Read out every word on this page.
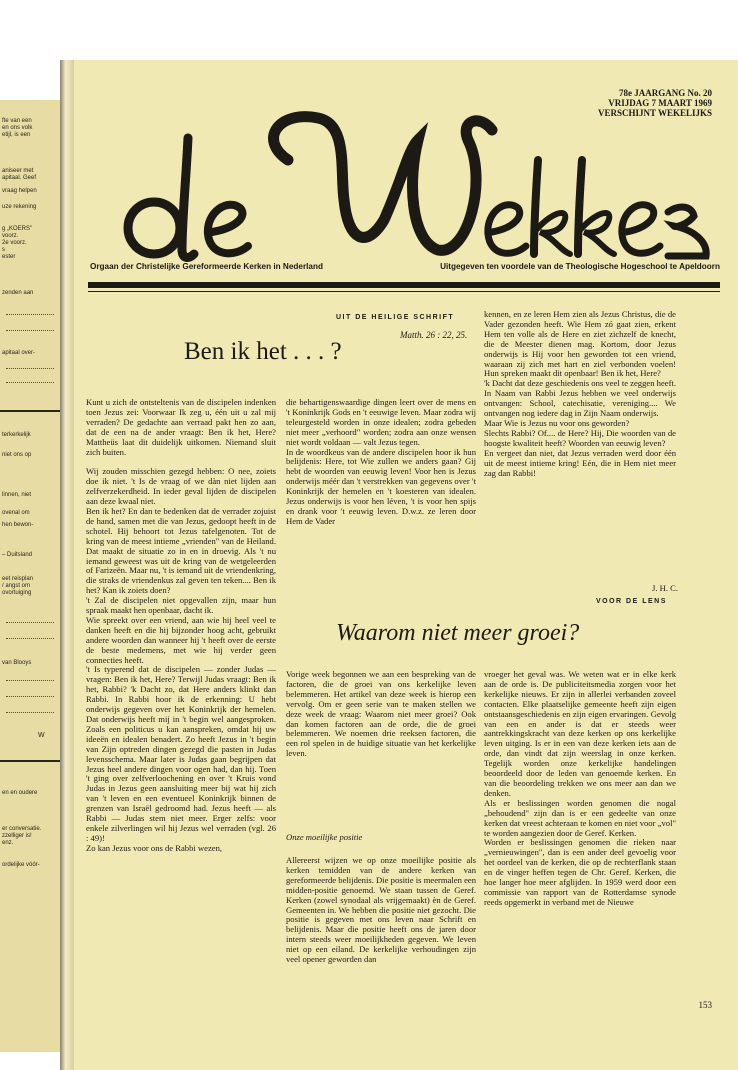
fte van een
en ons volk
etijl, is een
aniseer met
apitaal. Geef
vraag helpen
uze rekening
g „KOERS"
voorz.
2e voorz.
s
ester
zenden aan
apitaal over-
terkerkelijk
niet ons op
linnen, niet
ovenal om
hen bewon-
– Duitsland
eet reisplan
/ angst om
ovortuiging
van Blooys
W
en en oudere
er conversatie.
zzelliger is!
enz.
ordelijke vóór-
78e JAARGANG No. 20
VRIJDAG 7 MAART 1969
VERSCHIJNT WEKELIJKS
Orgaan der Christelijke Gereformeerde Kerken in Nederland	Uitgegeven ten voordele van de Theologische Hogeschool te Apeldoorn
UIT DE HEILIGE SCHRIFT
Matth. 26 : 22, 25.
Ben ik het . . . ?
Kunt u zich de ontsteltenis van de discipelen indenken toen Jezus zei: Voorwaar Ik zeg u, één uit u zal mij verraden? De gedachte aan verraad pakt hen zo aan, dat de een na de ander vraagt: Ben ik het, Here? Mattheüs laat dit duidelijk uitkomen. Niemand sluit zich buiten.

Wij zouden misschien gezegd hebben: O nee, zoiets doe ik niet. 't Is de vraag of we dàn niet lijden aan zelfverzekerdheid. In ieder geval lijden de discipelen aan deze kwaal niet.
Ben ik het? En dan te bedenken dat de verrader zojuist de hand, samen met die van Jezus, gedoopt heeft in de schotel. Hij behoort tot Jezus tafelgenoten. Tot de kring van de meest intieme „vrienden" van de Heiland. Dat maakt de situatie zo in en in droevig. Als 't nu iemand geweest was uit de kring van de wetgeleerden of Farizeën. Maar nu, 't is iemand uit de vriendenkring, die straks de vriendenkus zal geven ten teken.... Ben ik het? Kan ik zoiets doen?
't Zal de discipelen niet opgevallen zijn, maar hun spraak maakt hen openbaar, dacht ik.
Wie spreekt over een vriend, aan wie hij heel veel te danken heeft en die hij bijzonder hoog acht, gebruikt andere woorden dan wanneer hij 't heeft over de eerste de beste medemens, met wie hij verder geen connecties heeft.
't Is typerend dat de discipelen — zonder Judas — vragen: Ben ik het, Here? Terwijl Judas vraagt: Ben ik het, Rabbi? 'k Dacht zo, dat Here anders klinkt dan Rabbi. In Rabbi hoor ik de erkenning: U hebt onderwijs gegeven over het Koninkrijk der hemelen. Dat onderwijs heeft mij in 't begin wel aangesproken. Zoals een politicus u kan aanspreken, omdat hij uw ideeën en idealen benadert. Zo heeft Jezus in 't begin van Zijn optreden dingen gezegd die pasten in Judas levensschema. Maar later is Judas gaan begrijpen dat Jezus heel andere dingen voor ogen had, dan hij. Toen 't ging over zelfverloochening en over 't Kruis vond Judas in Jezus geen aansluiting meer bij wat hij zich van 't leven en een eventueel Koninkrijk binnen de grenzen van Israël gedroomd had. Jezus heeft — als Rabbi — Judas stem niet meer. Erger zelfs: voor enkele zilverlingen wil hij Jezus wel verraden (vgl. 26 : 49)!
Zo kan Jezus voor ons de Rabbi wezen,
die behartigenswaardige dingen leert over de mens en 't Koninkrijk Gods en 't eeuwige leven. Maar zodra wij teleurgesteld worden in onze idealen; zodra gebeden niet meer „verhoord" worden; zodra aan onze wensen niet wordt voldaan — valt Jezus tegen.
In de woordkeus van de andere discipelen hoor ik hun belijdenis: Here, tot Wie zullen we anders gaan? Gij hebt de woorden van eeuwig leven! Voor hen is Jezus onderwijs méér dan 't verstrekken van gegevens over 't Koninkrijk der hemelen en 't koesteren van idealen. Jezus onderwijs is voor hen léven, 't is voor hen spijs en drank voor 't eeuwig leven. D.w.z. ze leren door Hem de Vader
kennen, en ze leren Hem zien als Jezus Christus, die de Vader gezonden heeft. Wie Hem zó gaat zien, erkent Hem ten volle als de Here en ziet zichzelf de knecht, die de Meester dienen mag. Kortom, door Jezus onderwijs is Hij voor hen geworden tot een vriend, waaraan zij zich met hart en ziel verbonden voelen! Hun spreken maakt dit openbaar! Ben ik het, Here?
'k Dacht dat deze geschiedenis ons veel te zeggen heeft. In Naam van Rabbi Jezus hebben we veel onderwijs ontvangen: School, catechisatie, vereniging.... We ontvangen nog iedere dag in Zijn Naam onderwijs.
Maar Wie is Jezus nu voor ons geworden?
Slechts Rabbi? Of.... de Here? Hij, Die woorden van de hoogste kwaliteit heeft? Woorden van eeuwig leven?
En vergeet dan niet, dat Jezus verraden werd door één uit de meest intieme kring! Eén, die in Hem niet meer zag dan Rabbi!
J. H. C.
VOOR DE LENS
Waarom niet meer groei?
Vorige week begonnen we aan een bespreking van de factoren, die de groei van ons kerkelijke leven belemmeren. Het artikel van deze week is hierop een vervolg. Om er geen serie van te maken stellen we deze week de vraag: Waarom niet meer groei? Ook dan komen factoren aan de orde, die de groei belemmeren. We noemen drie reeksen factoren, die een rol spelen in de huidige situatie van het kerkelijke leven.
Onze moeilijke positie
Allereerst wijzen we op onze moeilijke positie als kerken temidden van de andere kerken van gereformeerde belijdenis. Die positie is meermalen een midden-positie genoemd. We staan tussen de Geref. Kerken (zowel synodaal als vrijgemaakt) èn de Geref. Gemeenten in. We hebben die positie niet gezocht. Die positie is gegeven met ons leven naar Schrift en belijdenis. Maar die positie heeft ons de jaren door intern steeds weer moeilijkheden gegeven. We leven niet op een eiland. De kerkelijke verhoudingen zijn veel opener geworden dan
vroeger het geval was. We weten wat er in elke kerk aan de orde is. De publiciteitsmedia zorgen voor het kerkelijke nieuws. Er zijn in allerlei verbanden zoveel contacten. Elke plaatselijke gemeente heeft zijn eigen ontstaansgeschiedenis en zijn eigen ervaringen. Gevolg van een en ander is dat er steeds weer aantrekkingskracht van deze kerken op ons kerkelijke leven uitging. Is er in een van deze kerken iets aan de orde, dan vindt dat zijn weerslag in onze kerken. Tegelijk worden onze kerkelijke handelingen beoordeeld door de leden van genoemde kerken. En van die beoordeling trekken we ons meer aan dan we denken.
Als er beslissingen worden genomen die nogal „behoudend" zijn dan is er een gedeelte van onze kerken dat vreest achteraan te komen en niet voor „vol" te worden aangezien door de Geref. Kerken.
Worden er beslissingen genomen die rieken naar „vernieuwingen", dan is een ander deel gevoelig voor het oordeel van de kerken, die op de rechterflank staan en de vinger heffen tegen de Chr. Geref. Kerken, die hoe langer hoe meer afglijden. In 1959 werd door een commissie van rapport van de Rotterdamse synode reeds opgemerkt in verband met de Nieuwe
153
